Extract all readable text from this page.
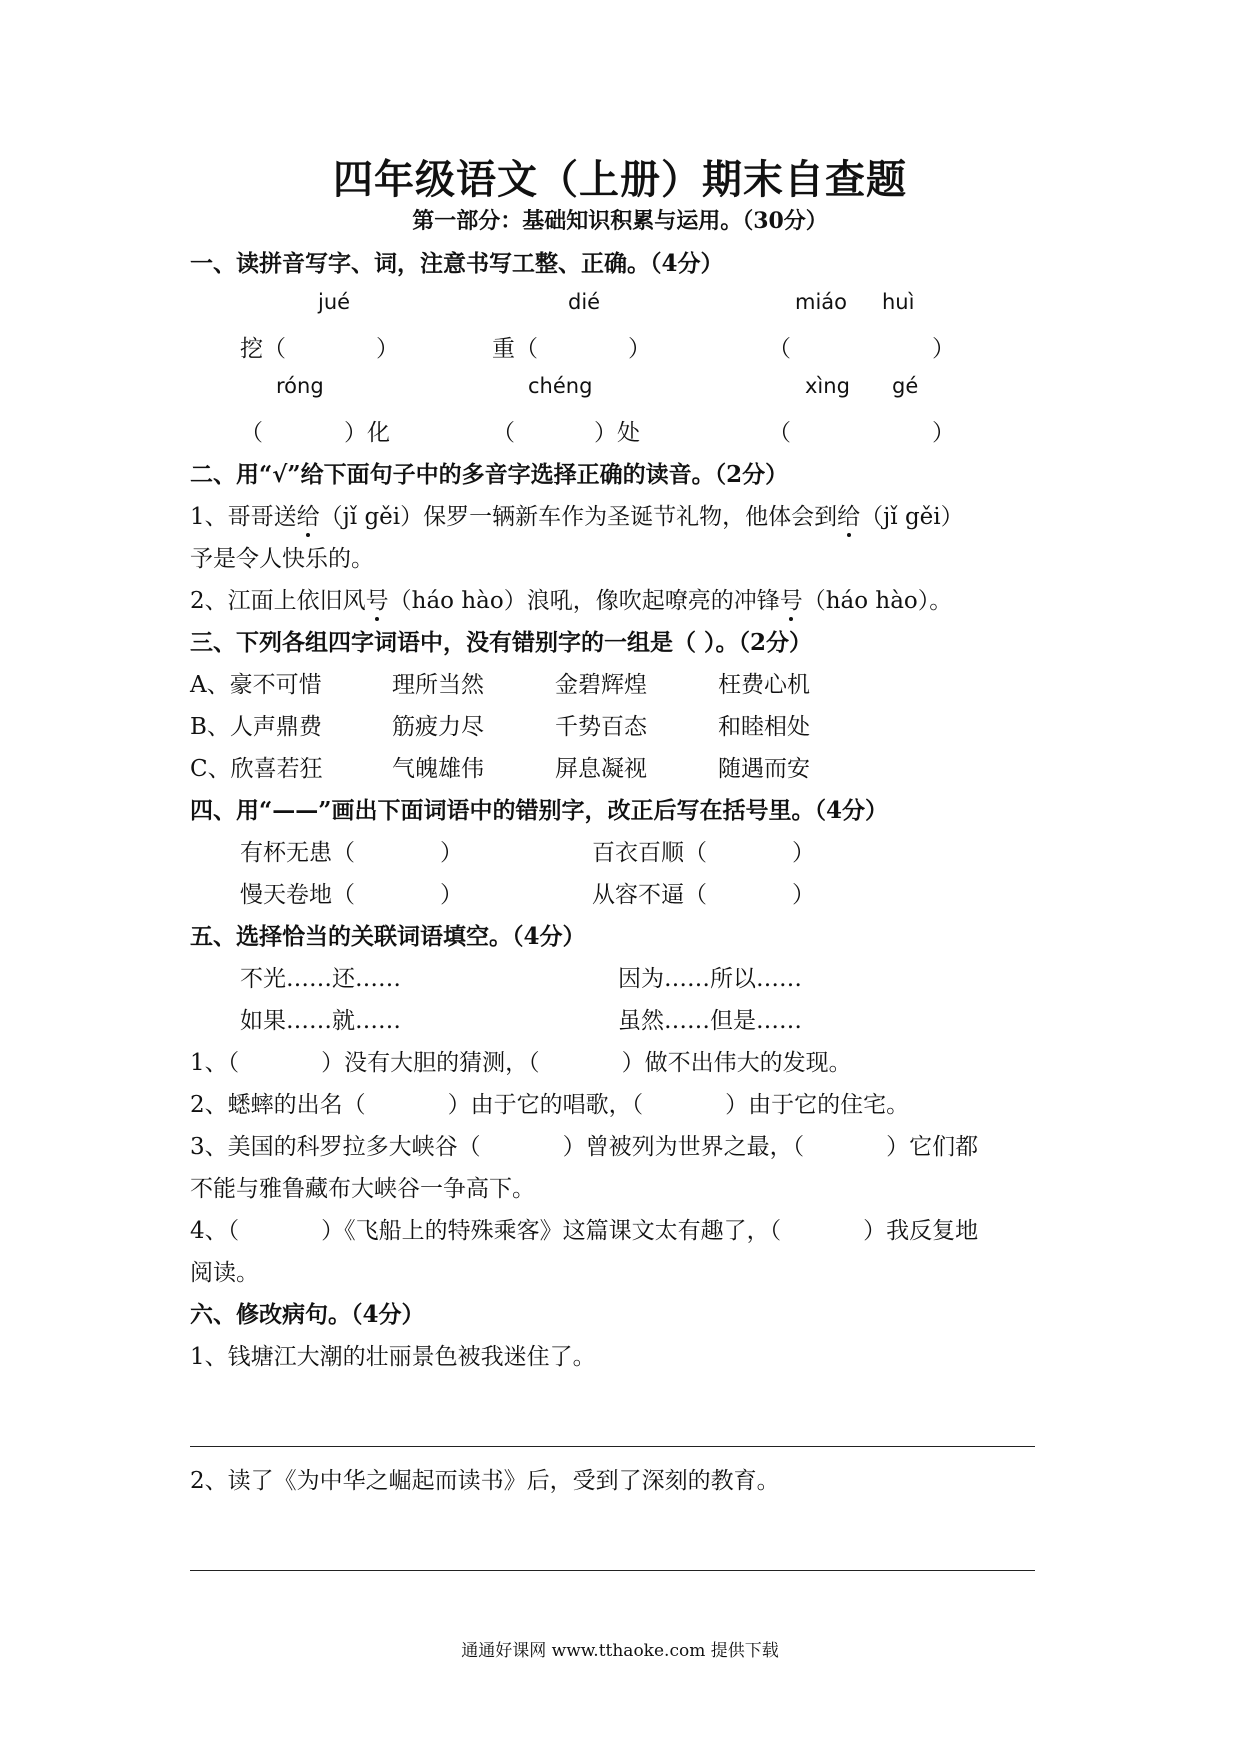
四年级语文（上册）期末自查题
第一部分：基础知识积累与运用。（30分）
一、读拼音写字、词，注意书写工整、正确。（4分）
jué	dié	miáo huì
挖（	）	重（	）	（	）
róng	chéng	xìng gé
（	）化	（	）处	（	）
二、用“√”给下面句子中的多音字选择正确的读音。（2分）
1、哥哥送给（jǐ gěi）保罗一辆新车作为圣诞节礼物，他体会到给（jǐ gěi）
予是令人快乐的。
2、江面上依旧风号（háo hào）浪吼，像吹起嘹亮的冲锋号（háo hào）。
三、下列各组四字词语中，没有错别字的一组是（ ）。（2分）
A、豪不可惜	理所当然	金碧辉煌	枉费心机
B、人声鼎费	筋疲力尽	千势百态	和睦相处
C、欣喜若狂	气魄雄伟	屏息凝视	随遇而安
四、用“——”画出下面词语中的错别字，改正后写在括号里。（4分）
有杯无患（	）	百衣百顺（	）
慢天卷地（	）	从容不逼（	）
五、选择恰当的关联词语填空。（4分）
不光……还……	因为……所以……
如果……就……	虽然……但是……
1、（	）没有大胆的猜测，（	）做不出伟大的发现。
2、蟋蟀的出名（	）由于它的唱歌，（	）由于它的住宅。
3、美国的科罗拉多大峡谷（	）曾被列为世界之最，（	）它们都
不能与雅鲁藏布大峡谷一争高下。
4、（	）《飞船上的特殊乘客》这篇课文太有趣了，（	）我反复地
阅读。
六、修改病句。（4分）
1、钱塘江大潮的壮丽景色被我迷住了。
2、读了《为中华之崛起而读书》后，受到了深刻的教育。
通通好课网 www.tthaoke.com 提供下载
